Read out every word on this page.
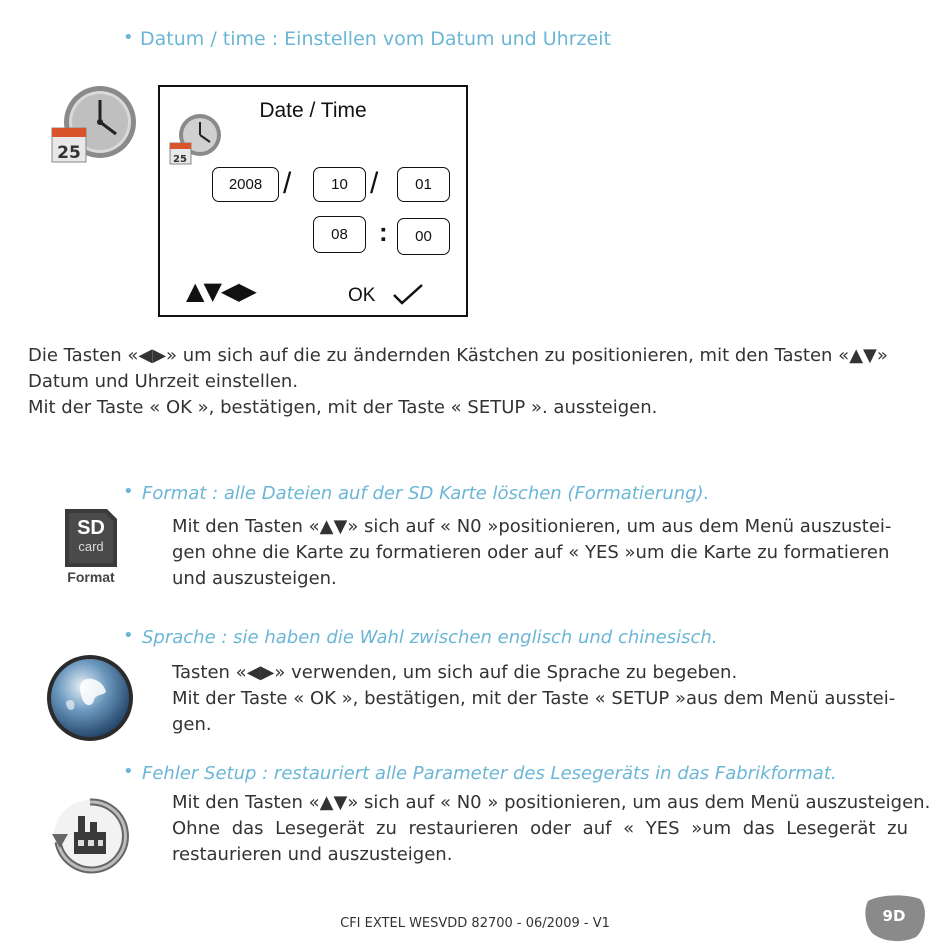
• Datum / time : Einstellen vom Datum und Uhrzeit
25
Date / Time
25
2008 /	10 /	01
08	:	00
▲▼◀▶	OK
Die Tasten «◀▶» um sich auf die zu ändernden Kästchen zu positionieren, mit den Tasten «▲▼»
Datum und Uhrzeit einstellen.
Mit der Taste « OK », bestätigen, mit der Taste « SETUP ». aussteigen.
• Format : alle Dateien auf der SD Karte löschen (Formatierung).
SD
card
Format
Mit den Tasten «▲▼» sich auf « N0 »positionieren, um aus dem Menü auszustei-
gen ohne die Karte zu formatieren oder auf « YES »um die Karte zu formatieren
und auszusteigen.
• Sprache : sie haben die Wahl zwischen englisch und chinesisch.
Tasten «◀▶» verwenden, um sich auf die Sprache zu begeben.
Mit der Taste « OK », bestätigen, mit der Taste « SETUP »aus dem Menü ausstei-
gen.
• Fehler Setup : restauriert alle Parameter des Lesegeräts in das Fabrikformat.
Mit den Tasten «▲▼» sich auf « N0 » positionieren, um aus dem Menü auszusteigen.
Ohne das Lesegerät zu restaurieren oder auf « YES »um das Lesegerät zu
restaurieren und auszusteigen.
CFI EXTEL WESVDD 82700 - 06/2009 - V1	9D
